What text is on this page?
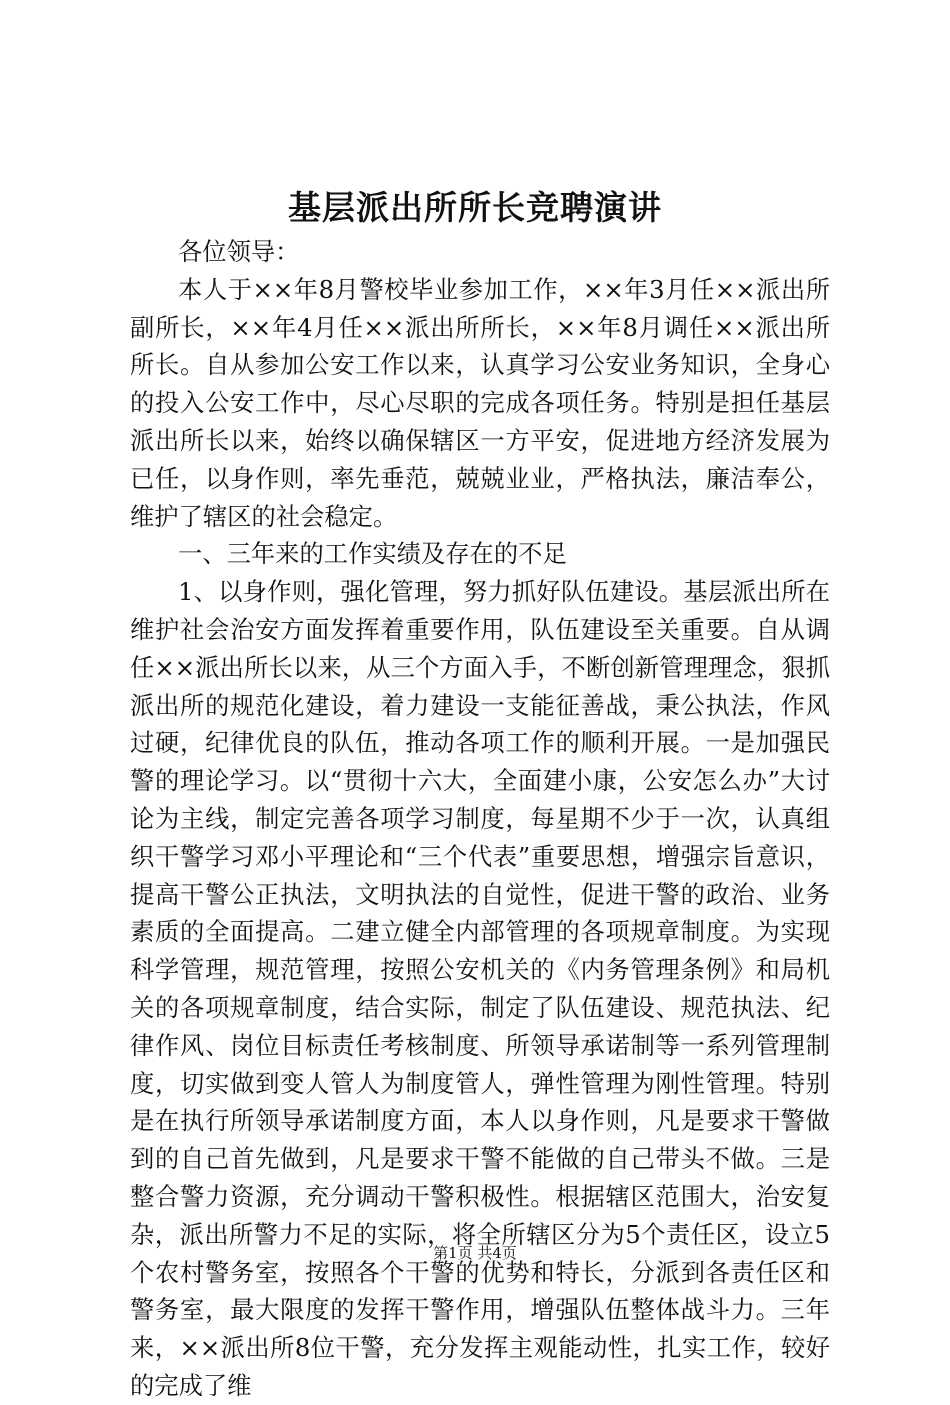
基层派出所所长竞聘演讲

各位领导：

本人于××年8月警校毕业参加工作，××年3月任××派出所副所长，××年4月任××派出所所长，××年8月调任××派出所所长。自从参加公安工作以来，认真学习公安业务知识，全身心的投入公安工作中，尽心尽职的完成各项任务。特别是担任基层派出所长以来，始终以确保辖区一方平安，促进地方经济发展为已任，以身作则，率先垂范，兢兢业业，严格执法，廉洁奉公，维护了辖区的社会稳定。

一、三年来的工作实绩及存在的不足

1、以身作则，强化管理，努力抓好队伍建设。基层派出所在维护社会治安方面发挥着重要作用，队伍建设至关重要。自从调任××派出所长以来，从三个方面入手，不断创新管理理念，狠抓派出所的规范化建设，着力建设一支能征善战，秉公执法，作风过硬，纪律优良的队伍，推动各项工作的顺利开展。一是加强民警的理论学习。以“贯彻十六大，全面建小康，公安怎么办”大讨论为主线，制定完善各项学习制度，每星期不少于一次，认真组织干警学习邓小平理论和“三个代表”重要思想，增强宗旨意识，提高干警公正执法，文明执法的自觉性，促进干警的政治、业务素质的全面提高。二建立健全内部管理的各项规章制度。为实现科学管理，规范管理，按照公安机关的《内务管理条例》和局机关的各项规章制度，结合实际，制定了队伍建设、规范执法、纪律作风、岗位目标责任考核制度、所领导承诺制等一系列管理制度，切实做到变人管人为制度管人，弹性管理为刚性管理。特别是在执行所领导承诺制度方面，本人以身作则，凡是要求干警做到的自己首先做到，凡是要求干警不能做的自己带头不做。三是整合警力资源，充分调动干警积极性。根据辖区范围大，治安复杂，派出所警力不足的实际，将全所辖区分为5个责任区，设立5个农村警务室，按照各个干警的优势和特长，分派到各责任区和警务室，最大限度的发挥干警作用，增强队伍整体战斗力。三年来，××派出所8位干警，充分发挥主观能动性，扎实工作，较好的完成了维

第1页 共4页
